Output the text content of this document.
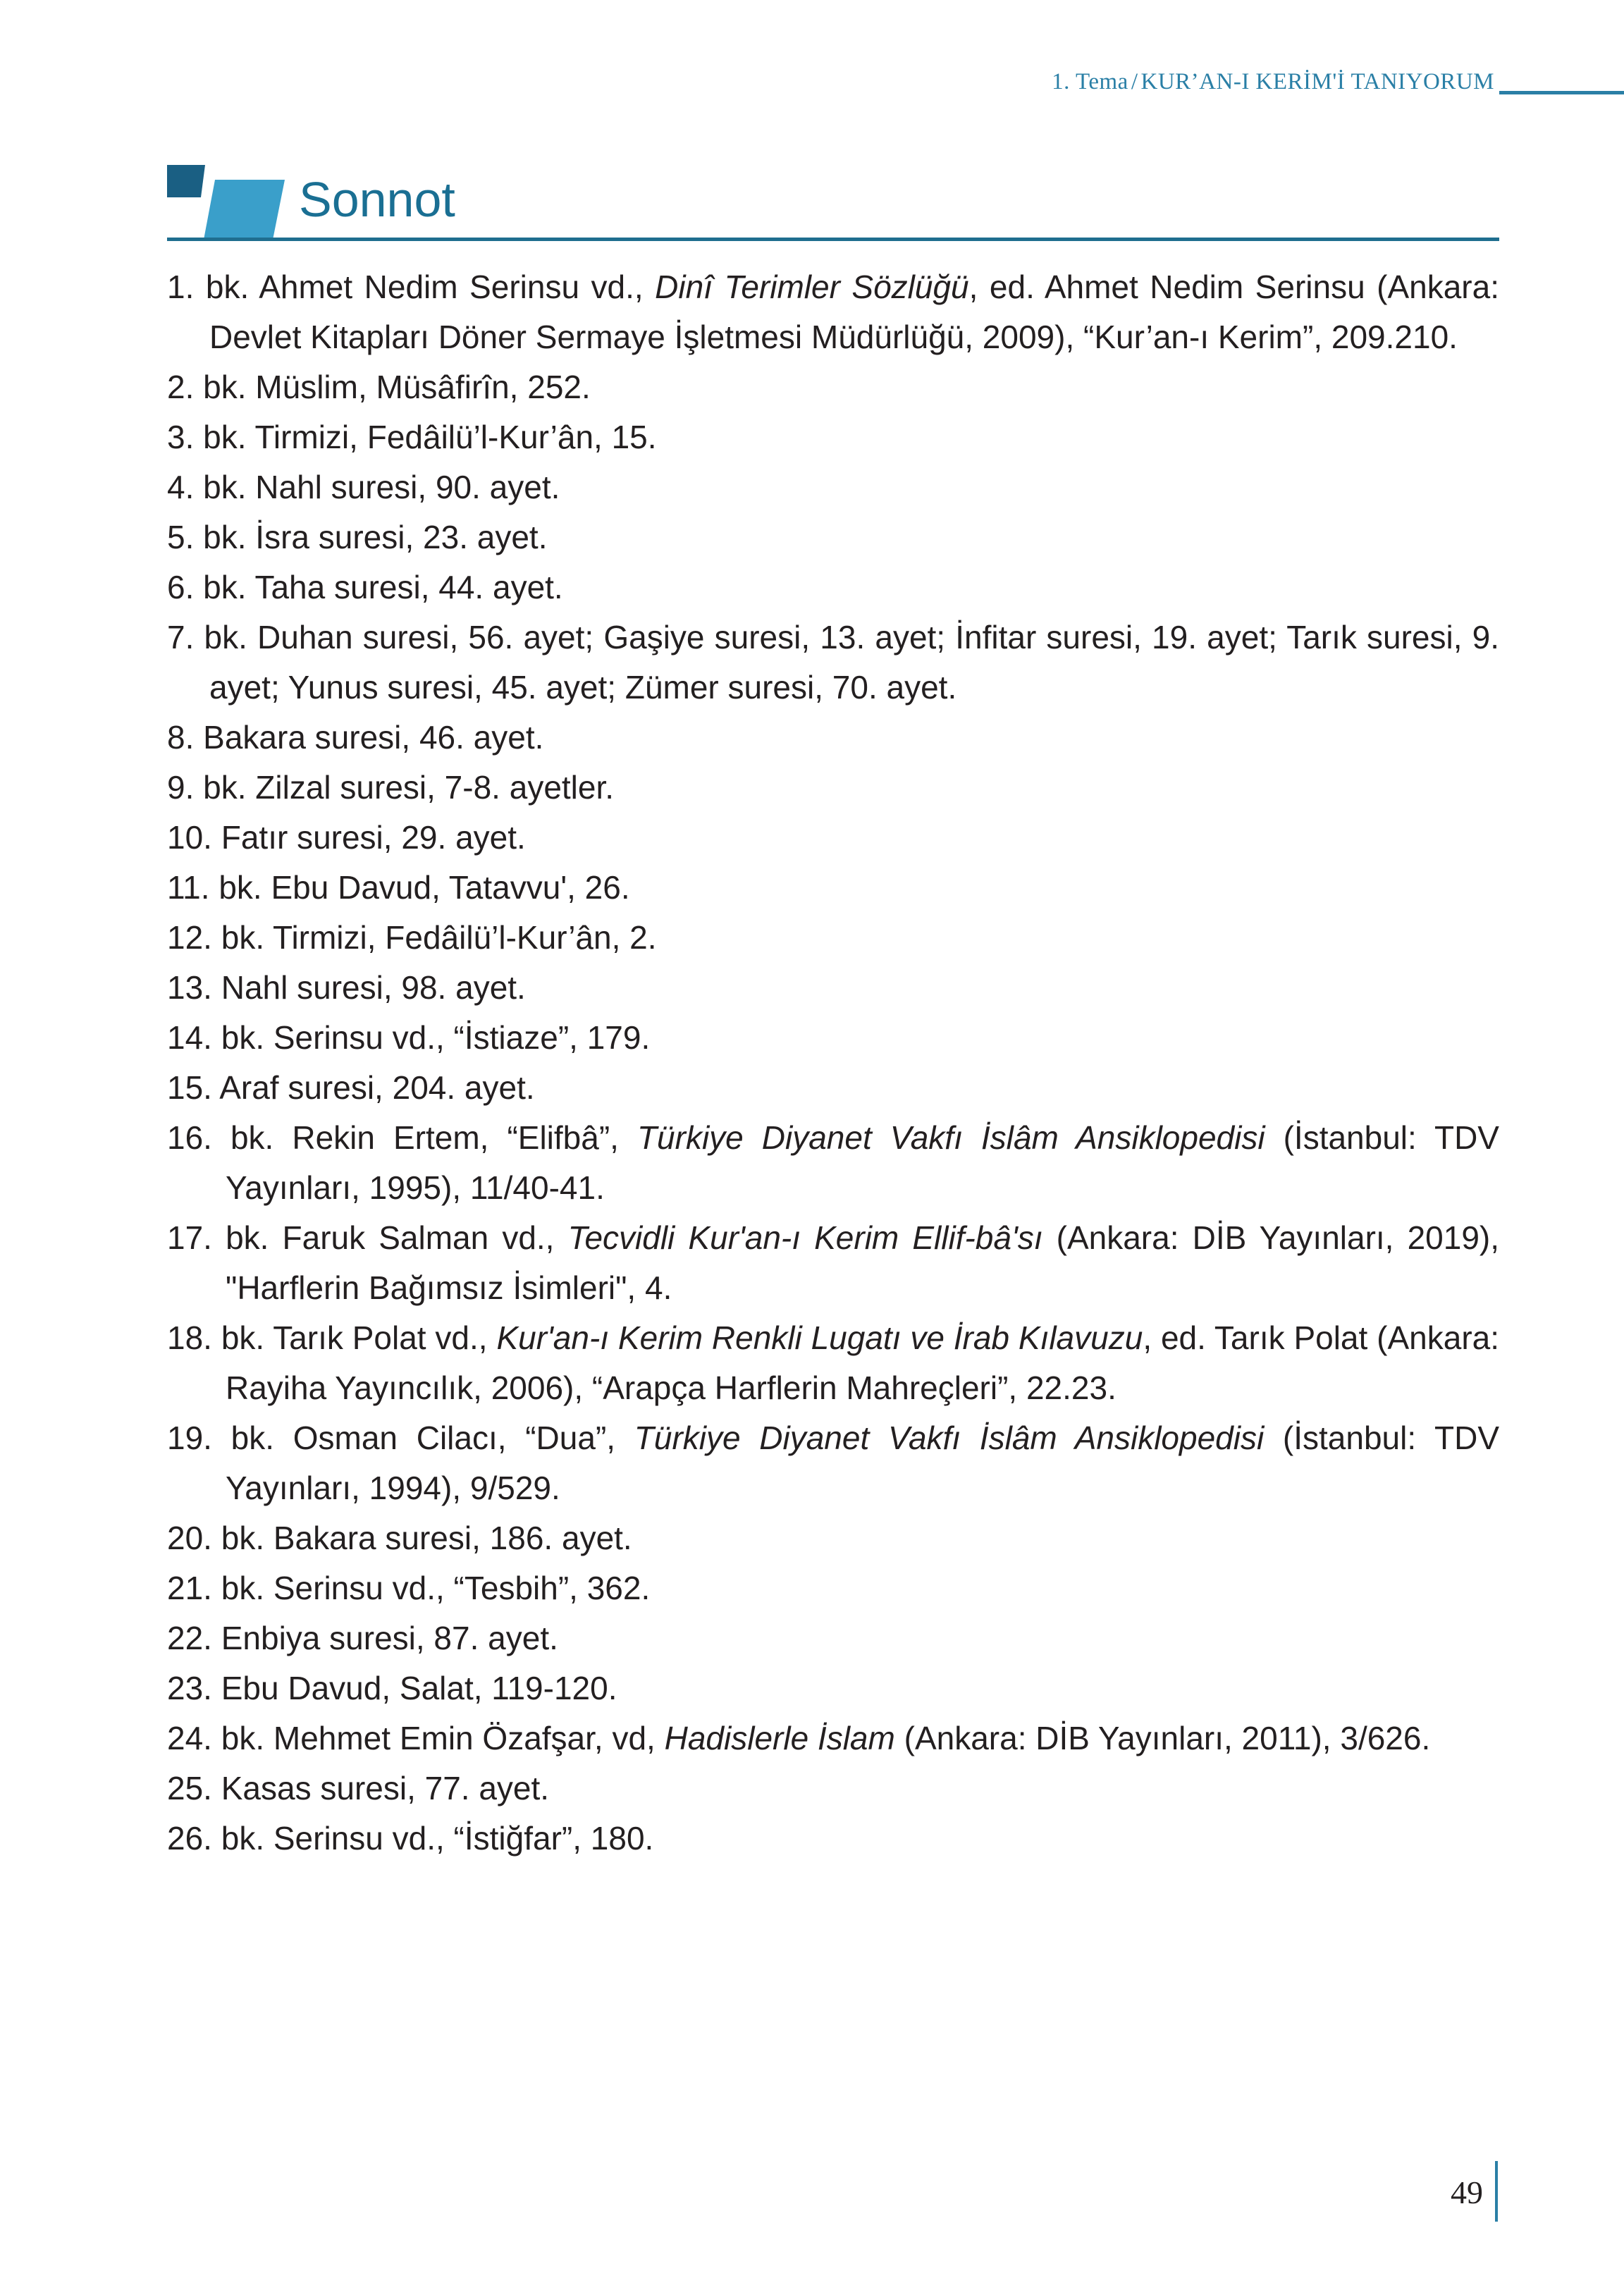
1. Tema / KUR’AN-I KERİM'İ TANIYORUM
Sonnot
1. bk. Ahmet Nedim Serinsu vd., Dinî Terimler Sözlüğü, ed. Ahmet Nedim Serinsu (Ankara: Devlet Kitapları Döner Sermaye İşletmesi Müdürlüğü, 2009), “Kur’an-ı Kerim”, 209.210.
2. bk. Müslim, Müsâfirîn, 252.
3. bk. Tirmizi, Fedâilü’l-Kur’ân, 15.
4. bk. Nahl suresi, 90. ayet.
5. bk. İsra suresi, 23. ayet.
6. bk. Taha suresi, 44. ayet.
7. bk. Duhan suresi, 56. ayet; Gaşiye suresi, 13. ayet; İnfitar suresi, 19. ayet; Tarık suresi, 9. ayet; Yunus suresi, 45. ayet; Zümer suresi, 70. ayet.
8. Bakara suresi, 46. ayet.
9. bk. Zilzal suresi, 7-8. ayetler.
10. Fatır suresi, 29. ayet.
11. bk. Ebu Davud, Tatavvu', 26.
12. bk. Tirmizi, Fedâilü’l-Kur’ân, 2.
13. Nahl suresi, 98. ayet.
14. bk. Serinsu vd., “İstiaze”, 179.
15. Araf suresi, 204. ayet.
16. bk. Rekin Ertem, “Elifbâ”, Türkiye Diyanet Vakfı İslâm Ansiklopedisi (İstanbul: TDV Yayınları, 1995), 11/40-41.
17. bk. Faruk Salman vd., Tecvidli Kur'an-ı Kerim Ellif-bâ'sı (Ankara: DİB Yayınları, 2019), "Harflerin Bağımsız İsimleri", 4.
18. bk. Tarık Polat vd., Kur'an-ı Kerim Renkli Lugatı ve İrab Kılavuzu, ed. Tarık Polat (Ankara: Rayiha Yayıncılık, 2006), “Arapça Harflerin Mahreçleri”, 22.23.
19. bk. Osman Cilacı, “Dua”, Türkiye Diyanet Vakfı İslâm Ansiklopedisi (İstanbul: TDV Yayınları, 1994), 9/529.
20. bk. Bakara suresi, 186. ayet.
21. bk. Serinsu vd., “Tesbih”, 362.
22. Enbiya suresi, 87. ayet.
23. Ebu Davud, Salat, 119-120.
24. bk. Mehmet Emin Özafşar, vd, Hadislerle İslam (Ankara: DİB Yayınları, 2011), 3/626.
25. Kasas suresi, 77. ayet.
26. bk. Serinsu vd., “İstiğfar”, 180.
49
